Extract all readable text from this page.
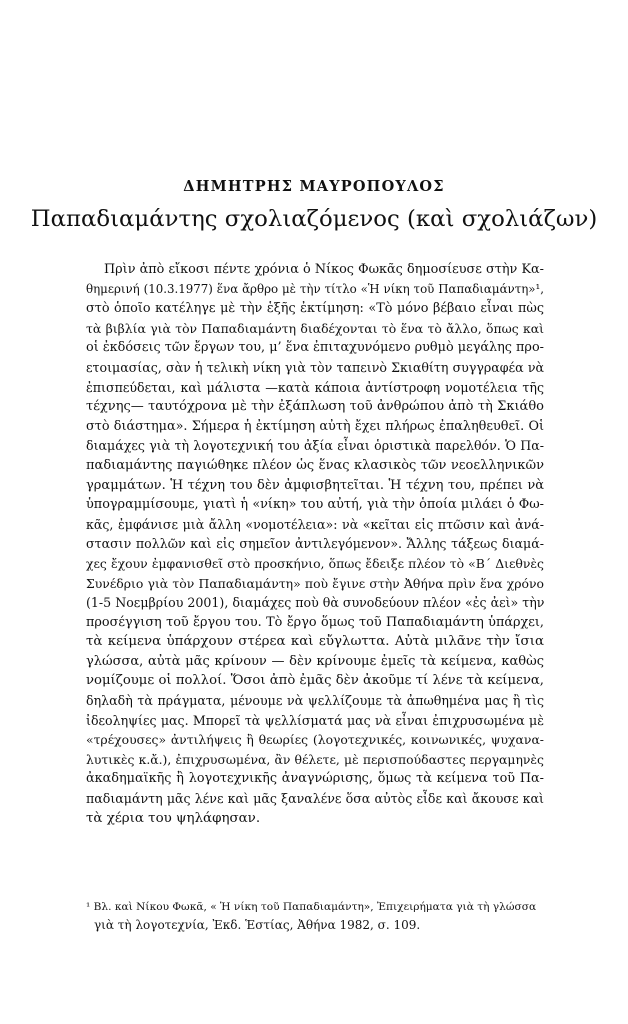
ΔΗΜΗΤΡΗΣ ΜΑΥΡΟΠΟΥΛΟΣ
Παπαδιαμάντης σχολιαζόμενος (καὶ σχολιάζων)
Πρὶν ἀπὸ εἴκοσι πέντε χρόνια ὁ Νίκος Φωκᾶς δημοσίευσε στὴν Κα-
θημερινή (10.3.1977) ἕνα ἄρθρο μὲ τὴν τίτλο «Ἡ νίκη τοῦ Παπαδιαμάντη»¹,
στὸ ὁποῖο κατέληγε μὲ τὴν ἑξῆς ἐκτίμηση: «Τὸ μόνο βέβαιο εἶναι πὼς
τὰ βιβλία γιὰ τὸν Παπαδιαμάντη διαδέχονται τὸ ἕνα τὸ ἄλλο, ὅπως καὶ
οἱ ἐκδόσεις τῶν ἔργων του, μ’ ἕνα ἐπιταχυνόμενο ρυθμὸ μεγάλης προ-
ετοιμασίας, σὰν ἡ τελικὴ νίκη γιὰ τὸν ταπεινὸ Σκιαθίτη συγγραφέα νὰ
ἐπισπεύδεται, καὶ μάλιστα —κατὰ κάποια ἀντίστροφη νομοτέλεια τῆς
τέχνης— ταυτόχρονα μὲ τὴν ἐξάπλωση τοῦ ἀνθρώπου ἀπὸ τὴ Σκιάθο
στὸ διάστημα». Σήμερα ἡ ἐκτίμηση αὐτὴ ἔχει πλήρως ἐπαληθευθεῖ. Οἱ
διαμάχες γιὰ τὴ λογοτεχνική του ἀξία εἶναι ὁριστικὰ παρελθόν. Ὁ Πα-
παδιαμάντης παγιώθηκε πλέον ὡς ἕνας κλασικὸς τῶν νεοελληνικῶν
γραμμάτων. Ἡ τέχνη του δὲν ἀμφισβητεῖται. Ἡ τέχνη του, πρέπει νὰ
ὑπογραμμίσουμε, γιατὶ ἡ «νίκη» του αὐτή, γιὰ τὴν ὁποία μιλάει ὁ Φω-
κᾶς, ἐμφάνισε μιὰ ἄλλη «νομοτέλεια»: νὰ «κεῖται εἰς πτῶσιν καὶ ἀνά-
στασιν πολλῶν καὶ εἰς σημεῖον ἀντιλεγόμενον». Ἄλλης τάξεως διαμά-
χες ἔχουν ἐμφανισθεῖ στὸ προσκήνιο, ὅπως ἔδειξε πλέον τὸ «Β΄ Διεθνὲς
Συνέδριο γιὰ τὸν Παπαδιαμάντη» ποὺ ἔγινε στὴν Ἀθήνα πρὶν ἕνα χρόνο
(1-5 Νοεμβρίου 2001), διαμάχες ποὺ θὰ συνοδεύουν πλέον «ἐς ἀεὶ» τὴν
προσέγγιση τοῦ ἔργου του. Τὸ ἔργο ὅμως τοῦ Παπαδιαμάντη ὑπάρχει,
τὰ κείμενα ὑπάρχουν στέρεα καὶ εὔγλωττα. Αὐτὰ μιλᾶνε τὴν ἴσια
γλώσσα, αὐτὰ μᾶς κρίνουν — δὲν κρίνουμε ἐμεῖς τὰ κείμενα, καθὼς
νομίζουμε οἱ πολλοί. Ὅσοι ἀπὸ ἐμᾶς δὲν ἀκοῦμε τί λένε τὰ κείμενα,
δηλαδὴ τὰ πράγματα, μένουμε νὰ ψελλίζουμε τὰ ἀπωθημένα μας ἢ τὶς
ἰδεοληψίες μας. Μπορεῖ τὰ ψελλίσματά μας νὰ εἶναι ἐπιχρυσωμένα μὲ
«τρέχουσες» ἀντιλήψεις ἢ θεωρίες (λογοτεχνικές, κοινωνικές, ψυχανα-
λυτικὲς κ.ἄ.), ἐπιχρυσωμένα, ἂν θέλετε, μὲ περισπούδαστες περγαμηνὲς
ἀκαδημαϊκῆς ἢ λογοτεχνικῆς ἀναγνώρισης, ὅμως τὰ κείμενα τοῦ Πα-
παδιαμάντη μᾶς λένε καὶ μᾶς ξαναλένε ὅσα αὐτὸς εἶδε καὶ ἄκουσε καὶ
τὰ χέρια του ψηλάφησαν.
¹ Βλ. καὶ Νίκου Φωκᾶ, « Ἡ νίκη τοῦ Παπαδιαμάντη», Ἐπιχειρήματα γιὰ τὴ γλώσσα
γιὰ τὴ λογοτεχνία, Ἐκδ. Ἑστίας, Ἀθήνα 1982, σ. 109.
